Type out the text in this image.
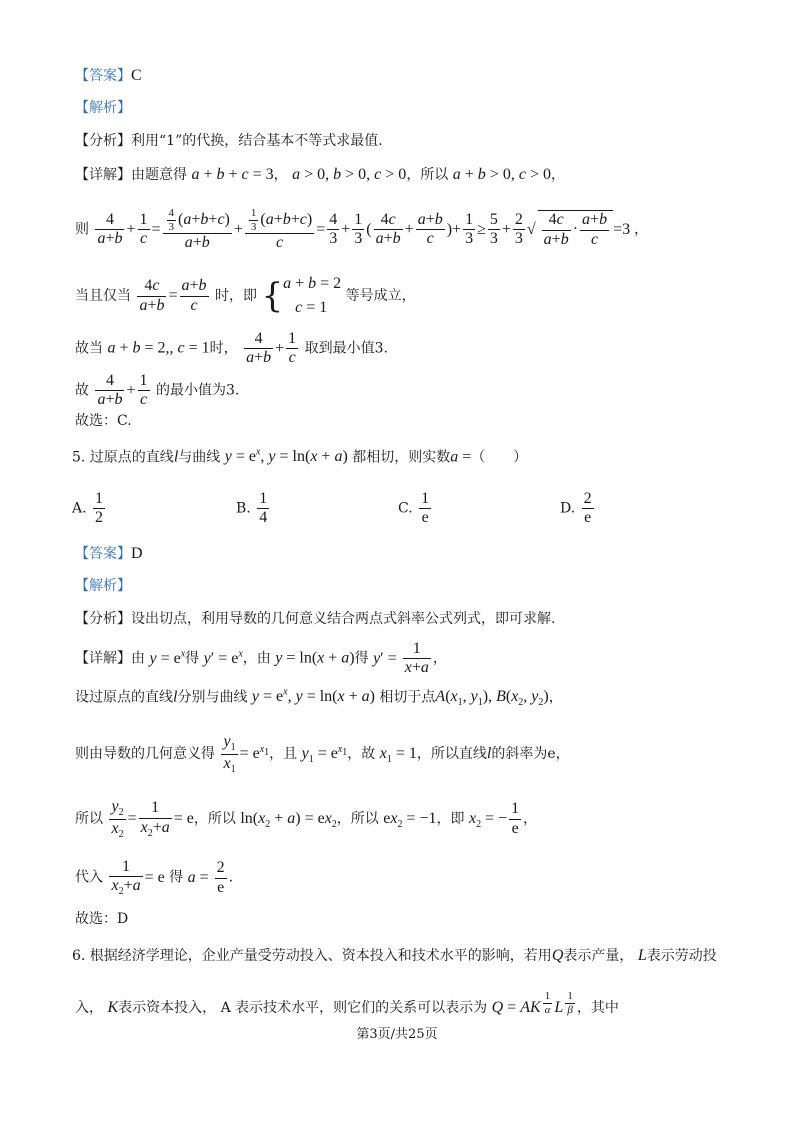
【答案】C
【解析】
【分析】利用“1”的代换，结合基本不等式求最值.
【详解】由题意得 a + b + c = 3， a > 0, b > 0, c > 0，所以 a + b > 0, c > 0，
则 $\frac{4}{a+b} + \frac{1}{c} = \frac{\frac{4}{3} (a+b+c)}{a+b} + \frac{\frac{1}{3} (a+b+c)}{c} = \frac{4}{3} + \frac{1}{3}$ ( $\frac{4c}{a+b} + \frac{a+b}{c}$ )+ $\frac{1}{3} \ge \frac{5}{3} + \frac{2}{3}$ √ $\frac{4c}{a+b} \cdot \frac{a+b}{c} =3$ ，
当且仅当 $\frac{4c}{a+b} = \frac{a+b}{c}$ 时，即 {a + b = 2
c = 1 等号成立，
故当 a + b = 2,, c = 1时， $\frac{4}{a+b} + \frac{1}{c}$ 取到最小值3.
故 $\frac{4}{a+b} + \frac{1}{c}$ 的最小值为3.
故选：C.
5. 过原点的直线l与曲线 $y = e^x$, y = ln(x + a) 都相切，则实数a =（　　）
A. $\frac{1}{2}$	B. $\frac{1}{4}$	C. $\frac{1}{e}$	D. $\frac{2}{e}$
【答案】D
【解析】
【分析】设出切点，利用导数的几何意义结合两点式斜率公式列式，即可求解.
【详解】由 $y = e^x$得 $y' = e^x$，由 y = ln(x + a)得 $y' = \frac{1}{x+a}$ ，
设过原点的直线l分别与曲线 $y = e^x$, y = ln(x + a) 相切于点$A(x_1$, $y_1$), $B(x_2$, $y_2$)，
则由导数的几何意义得 $\frac{y_1}{x_1} = e^{x_1}$，且 $y_1 = e^{x_1}$，故 $x_1 = 1$，所以直线l的斜率为e，
所以 $\frac{y_2}{x_2} = \frac{1}{x_2+a} = e$，所以 $\ln(x_2 + a) = ex_2$，所以 $ex_2 = -1$，即 $x_2$ = − $\frac{1}{e}$ ，
代入 $\frac{1}{x_2+a} = e$ 得 $a = \frac{2}{e}$ .
故选：D
6. 根据经济学理论，企业产量受劳动投入、资本投入和技术水平的影响，若用Q表示产量， L表示劳动投
入， K表示资本投入， A 表示技术水平，则它们的关系可以表示为 Q = AK $^{\frac{1}{\alpha}}$ L $^{\frac{1}{\beta}}$ ，其中
第3页/共25页
